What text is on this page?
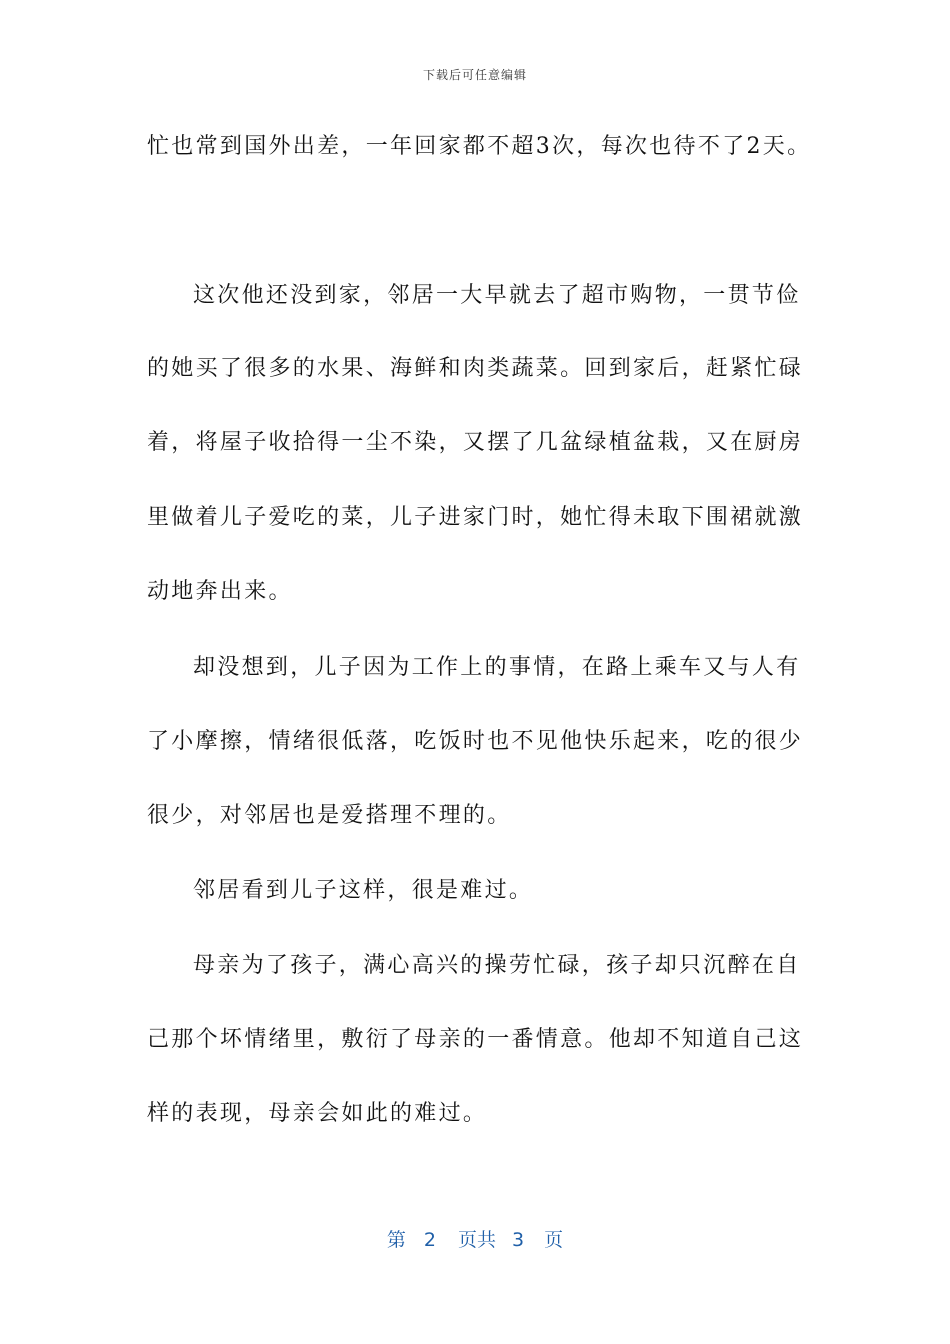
下载后可任意编辑
忙也常到国外出差，一年回家都不超3次，每次也待不了2天。
这次他还没到家，邻居一大早就去了超市购物，一贯节俭
的她买了很多的水果、海鲜和肉类蔬菜。回到家后，赶紧忙碌
着，将屋子收拾得一尘不染，又摆了几盆绿植盆栽，又在厨房
里做着儿子爱吃的菜，儿子进家门时，她忙得未取下围裙就激
动地奔出来。
却没想到，儿子因为工作上的事情，在路上乘车又与人有
了小摩擦，情绪很低落，吃饭时也不见他快乐起来，吃的很少
很少，对邻居也是爱搭理不理的。
邻居看到儿子这样，很是难过。
母亲为了孩子，满心高兴的操劳忙碌，孩子却只沉醉在自
己那个坏情绪里，敷衍了母亲的一番情意。他却不知道自己这
样的表现，母亲会如此的难过。
第 2 页共 3 页
